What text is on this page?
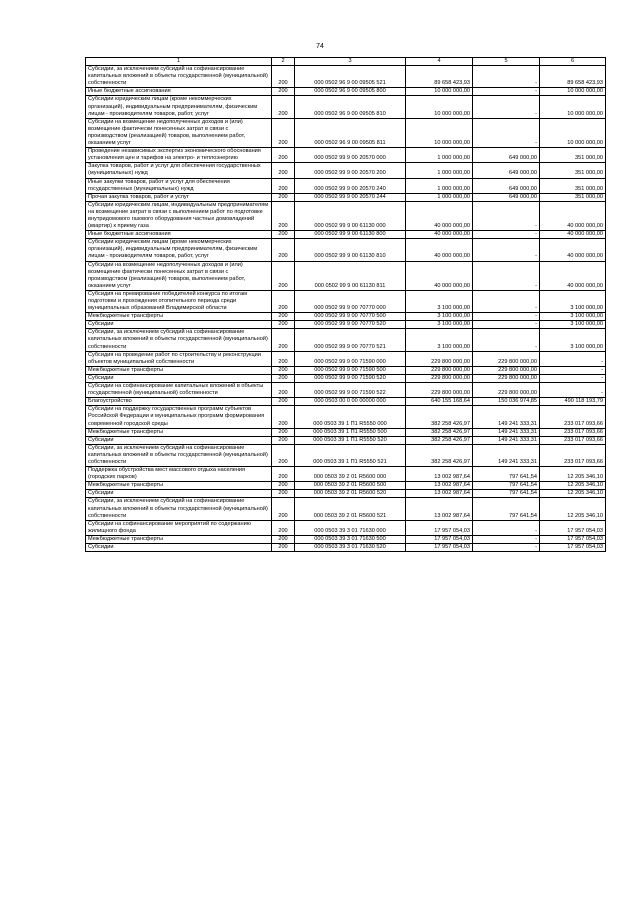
74
1	2	3	4	5	6
Субсидии, за исключением субсидий на софинансирование капитальных вложений в объекты государственной (муниципальной) собственности	200	000 0502 96 9 00 09505 521	89 658 423,93	-	89 658 423,93
Иные бюджетные ассигнования	200	000 0502 96 9 00 09505 800	10 000 000,00	-	10 000 000,00
Субсидии юридическим лицам (кроме некоммерческих организаций), индивидуальным предпринимателям, физическим лицам - производителям товаров, работ, услуг	200	000 0502 96 9 00 09505 810	10 000 000,00	-	10 000 000,00
Субсидии на возмещение недополученных доходов и (или) возмещение фактически понесенных затрат в связи с производством (реализацией) товаров, выполнением работ, оказанием услуг	200	000 0502 96 9 00 09505 811	10 000 000,00	-	10 000 000,00
Проведение независимых экспертиз экономического обоснования установления цен и тарифов на электро- и теплоэнергию	200	000 0502 99 9 00 20570 000	1 000 000,00	649 000,00	351 000,00
Закупка товаров, работ и услуг для обеспечения государственных (муниципальных) нужд	200	000 0502 99 9 00 20570 200	1 000 000,00	649 000,00	351 000,00
Иные закупки товаров, работ и услуг для обеспечения государственных (муниципальных) нужд	200	000 0502 99 9 00 20570 240	1 000 000,00	649 000,00	351 000,00
Прочая закупка товаров, работ и услуг	200	000 0502 99 9 00 20570 244	1 000 000,00	649 000,00	351 000,00
Субсидии юридическим лицам, индивидуальным предпринимателям на возмещение затрат в связи с выполнением работ по подготовке внутридомового газового оборудования частных домовладений (квартир) к приему газа	200	000 0502 99 9 00 61130 000	40 000 000,00	-	40 000 000,00
Иные бюджетные ассигнования	200	000 0502 99 9 00 61130 800	40 000 000,00	-	40 000 000,00
Субсидии юридическим лицам (кроме некоммерческих организаций), индивидуальным предпринимателям, физическим лицам - производителям товаров, работ, услуг	200	000 0502 99 9 00 61130 810	40 000 000,00	-	40 000 000,00
Субсидии на возмещение недополученных доходов и (или) возмещение фактически понесенных затрат в связи с производством (реализацией) товаров, выполнением работ, оказанием услуг	200	000 0502 99 9 00 61130 811	40 000 000,00	-	40 000 000,00
Субсидия на премирование победителей конкурса по итогам подготовки и прохождения отопительного периода среди муниципальных образований Владимирской области	200	000 0502 99 9 00 70770 000	3 100 000,00	-	3 100 000,00
Межбюджетные трансферты	200	000 0502 99 9 00 70770 500	3 100 000,00	-	3 100 000,00
Субсидии	200	000 0502 99 9 00 70770 520	3 100 000,00	-	3 100 000,00
Субсидии, за исключением субсидий на софинансирование капитальных вложений в объекты государственной (муниципальной) собственности	200	000 0502 99 9 00 70770 521	3 100 000,00	-	3 100 000,00
Субсидия на проведение работ по строительству и реконструкции объектов муниципальной собственности	200	000 0502 99 9 00 71590 000	229 800 000,00	229 800 000,00	-
Межбюджетные трансферты	200	000 0502 99 9 00 71590 500	229 800 000,00	229 800 000,00	-
Субсидии	200	000 0502 99 9 00 71590 520	229 800 000,00	229 800 000,00	-
Субсидии на софинансирование капитальных вложений в объекты государственной (муниципальной) собственности	200	000 0502 99 9 00 71590 522	229 800 000,00	229 800 000,00	-
Благоустройство	200	000 0503 00 0 00 00000 000	640 155 168,64	150 036 974,85	490 118 193,79
Субсидии на поддержку государственных программ субъектов Российской Федерации и муниципальных программ формирования современной городской среды	200	000 0503 39 1 П1 R5550 000	382 258 426,97	149 241 333,31	233 017 093,66
Межбюджетные трансферты	200	000 0503 39 1 П1 R5550 500	382 258 426,97	149 241 333,31	233 017 093,66
Субсидии	200	000 0503 39 1 П1 R5550 520	382 258 426,97	149 241 333,31	233 017 093,66
Субсидии, за исключением субсидий на софинансирование капитальных вложений в объекты государственной (муниципальной) собственности	200	000 0503 39 1 П1 R5550 521	382 258 426,97	149 241 333,31	233 017 093,66
Поддержка обустройства мест массового отдыха населения (городских парков)	200	000 0503 39 2 01 R5600 000	13 002 987,64	797 641,54	12 205 346,10
Межбюджетные трансферты	200	000 0503 39 2 01 R5600 500	13 002 987,64	797 641,54	12 205 346,10
Субсидии	200	000 0503 39 2 01 R5600 520	13 002 987,64	797 641,54	12 205 346,10
Субсидии, за исключением субсидий на софинансирование капитальных вложений в объекты государственной (муниципальной) собственности	200	000 0503 39 2 01 R5600 521	13 002 987,64	797 641,54	12 205 346,10
Субсидии на софинансирование мероприятий по содержанию жилищного фонда	200	000 0503 39 3 01 71630 000	17 957 054,03	-	17 957 054,03
Межбюджетные трансферты	200	000 0503 39 3 01 71630 500	17 957 054,03	-	17 957 054,03
Субсидии	200	000 0503 39 3 01 71630 520	17 957 054,03	-	17 957 054,03
